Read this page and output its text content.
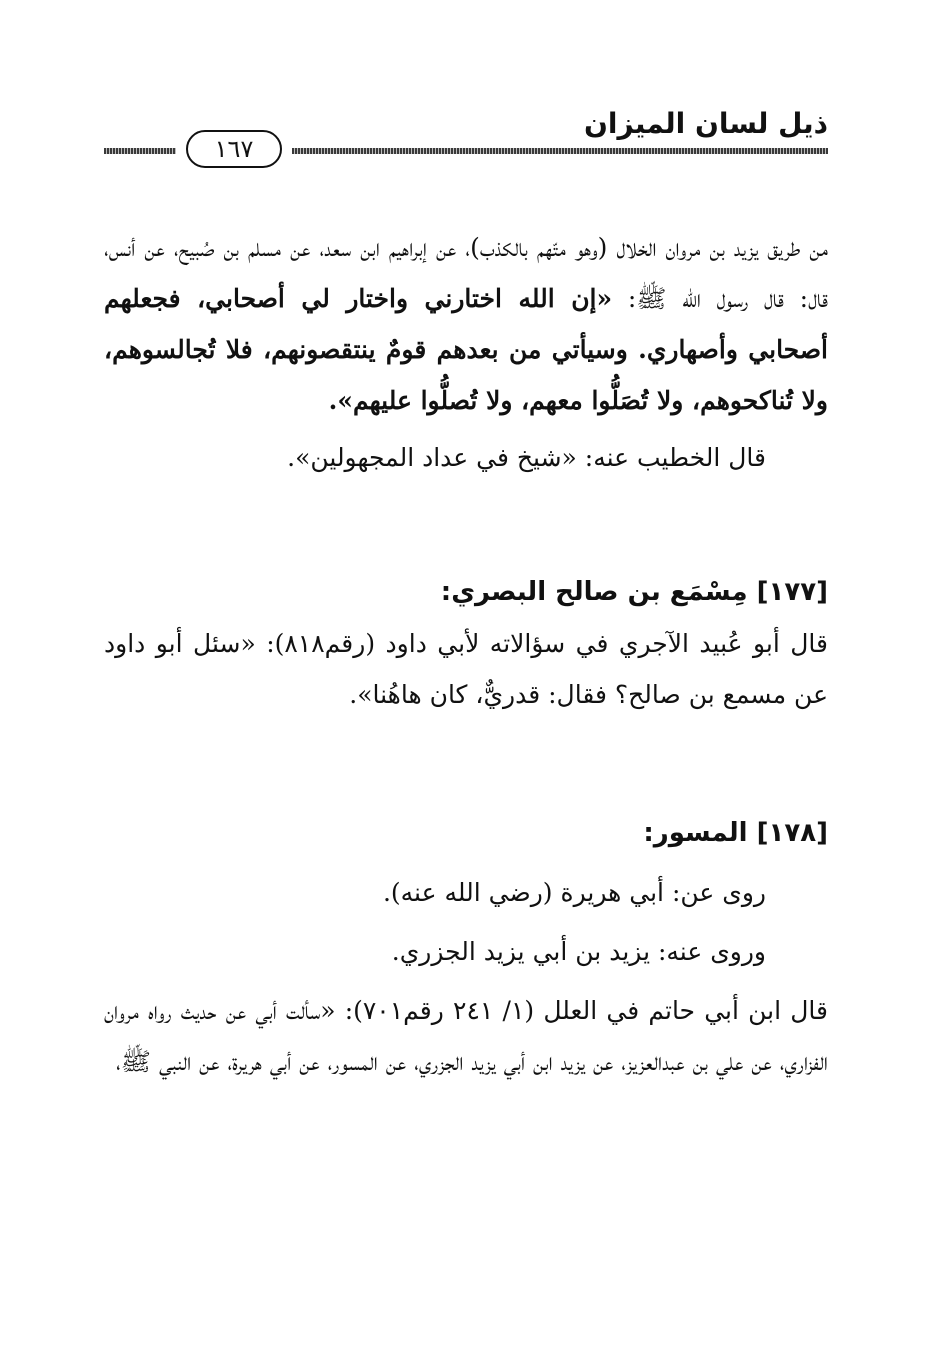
ذيل لسان الميزان
١٦٧

من طريق يزيد بن مروان الخلال (وهو متّهم بالكذب)، عن إبراهيم ابن سعد، عن مسلم بن صُبيح، عن أنس، قال: قال رسول الله ﷺ: «إن الله اختارني واختار لي أصحابي، فجعلهم أصحابي وأصهاري. وسيأتي من بعدهم قومٌ ينتقصونهم، فلا تُجالسوهم، ولا تُناكحوهم، ولا تُصَلُّوا معهم، ولا تُصلُّوا عليهم».

قال الخطيب عنه: «شيخ في عداد المجهولين».

[١٧٧] مِسْمَع بن صالح البصري:

قال أبو عُبيد الآجري في سؤالاته لأبي داود (رقم٨١٨): «سئل أبو داود عن مسمع بن صالح؟ فقال: قدريٌّ، كان هاهُنا».

[١٧٨] المسور:

روى عن: أبي هريرة (رضي الله عنه).

وروى عنه: يزيد بن أبي يزيد الجزري.

قال ابن أبي حاتم في العلل (١/ ٢٤١ رقم٧٠١): «سألت أبي عن حديث رواه مروان الفزاري، عن علي بن عبدالعزيز، عن يزيد ابن أبي يزيد الجزري، عن المسور، عن أبي هريرة، عن النبي ﷺ،
